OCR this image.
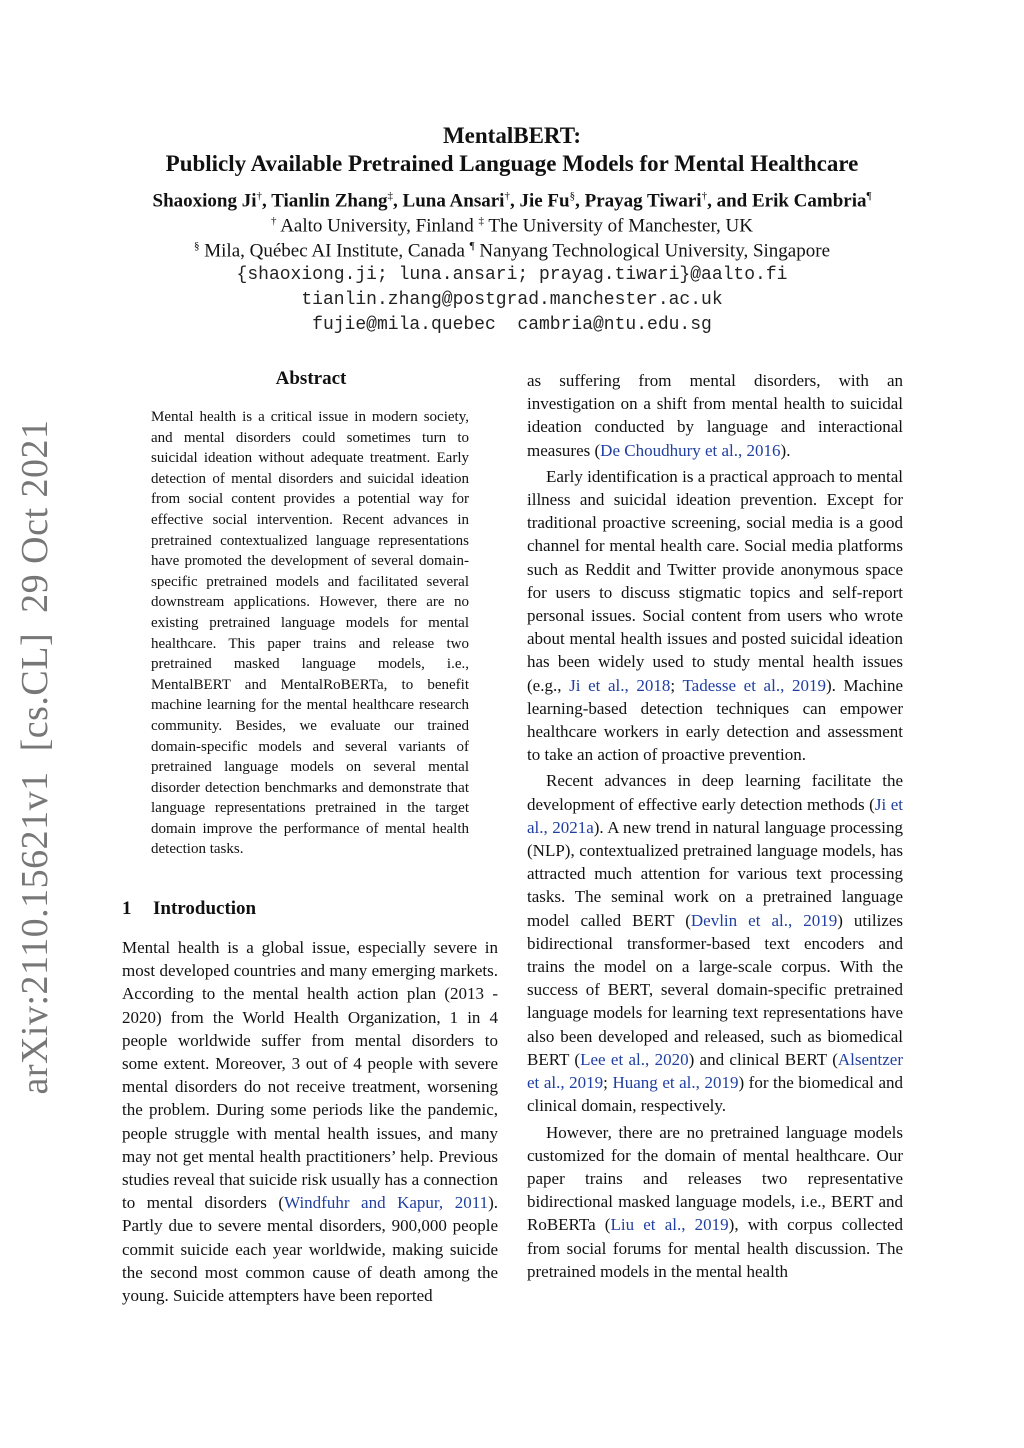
arXiv:2110.15621v1[cs.CL]29 Oct 2021
MentalBERT:
Publicly Available Pretrained Language Models for Mental Healthcare
Shaoxiong Ji†, Tianlin Zhang‡, Luna Ansari†, Jie Fu§, Prayag Tiwari†, and Erik Cambria¶
† Aalto University, Finland ‡ The University of Manchester, UK
§ Mila, Québec AI Institute, Canada ¶ Nanyang Technological University, Singapore
{shaoxiong.ji; luna.ansari; prayag.tiwari}@aalto.fi
tianlin.zhang@postgrad.manchester.ac.uk
fujie@mila.quebec  cambria@ntu.edu.sg
Abstract
Mental health is a critical issue in modern society, and mental disorders could sometimes turn to suicidal ideation without adequate treatment. Early detection of mental disorders and suicidal ideation from social content provides a potential way for effective social intervention. Recent advances in pretrained contextualized language representations have promoted the development of several domain-specific pretrained models and facilitated several downstream applications. However, there are no existing pretrained language models for mental healthcare. This paper trains and release two pretrained masked language models, i.e., MentalBERT and MentalRoBERTa, to benefit machine learning for the mental healthcare research community. Besides, we evaluate our trained domain-specific models and several variants of pretrained language models on several mental disorder detection benchmarks and demonstrate that language representations pretrained in the target domain improve the performance of mental health detection tasks.
1 Introduction
Mental health is a global issue, especially severe in most developed countries and many emerging markets. According to the mental health action plan (2013 - 2020) from the World Health Organization, 1 in 4 people worldwide suffer from mental disorders to some extent. Moreover, 3 out of 4 people with severe mental disorders do not receive treatment, worsening the problem. During some periods like the pandemic, people struggle with mental health issues, and many may not get mental health practitioners’ help. Previous studies reveal that suicide risk usually has a connection to mental disorders (Windfuhr and Kapur, 2011). Partly due to severe mental disorders, 900,000 people commit suicide each year worldwide, making suicide the second most common cause of death among the young. Suicide attempters have been reported

as suffering from mental disorders, with an investigation on a shift from mental health to suicidal ideation conducted by language and interactional measures (De Choudhury et al., 2016).

Early identification is a practical approach to mental illness and suicidal ideation prevention. Except for traditional proactive screening, social media is a good channel for mental health care. Social media platforms such as Reddit and Twitter provide anonymous space for users to discuss stigmatic topics and self-report personal issues. Social content from users who wrote about mental health issues and posted suicidal ideation has been widely used to study mental health issues (e.g., Ji et al., 2018; Tadesse et al., 2019). Machine learning-based detection techniques can empower healthcare workers in early detection and assessment to take an action of proactive prevention.

Recent advances in deep learning facilitate the development of effective early detection methods (Ji et al., 2021a). A new trend in natural language processing (NLP), contextualized pretrained language models, has attracted much attention for various text processing tasks. The seminal work on a pretrained language model called BERT (Devlin et al., 2019) utilizes bidirectional transformer-based text encoders and trains the model on a large-scale corpus. With the success of BERT, several domain-specific pretrained language models for learning text representations have also been developed and released, such as biomedical BERT (Lee et al., 2020) and clinical BERT (Alsentzer et al., 2019; Huang et al., 2019) for the biomedical and clinical domain, respectively.

However, there are no pretrained language models customized for the domain of mental healthcare. Our paper trains and releases two representative bidirectional masked language models, i.e., BERT and RoBERTa (Liu et al., 2019), with corpus collected from social forums for mental health discussion. The pretrained models in the mental health
